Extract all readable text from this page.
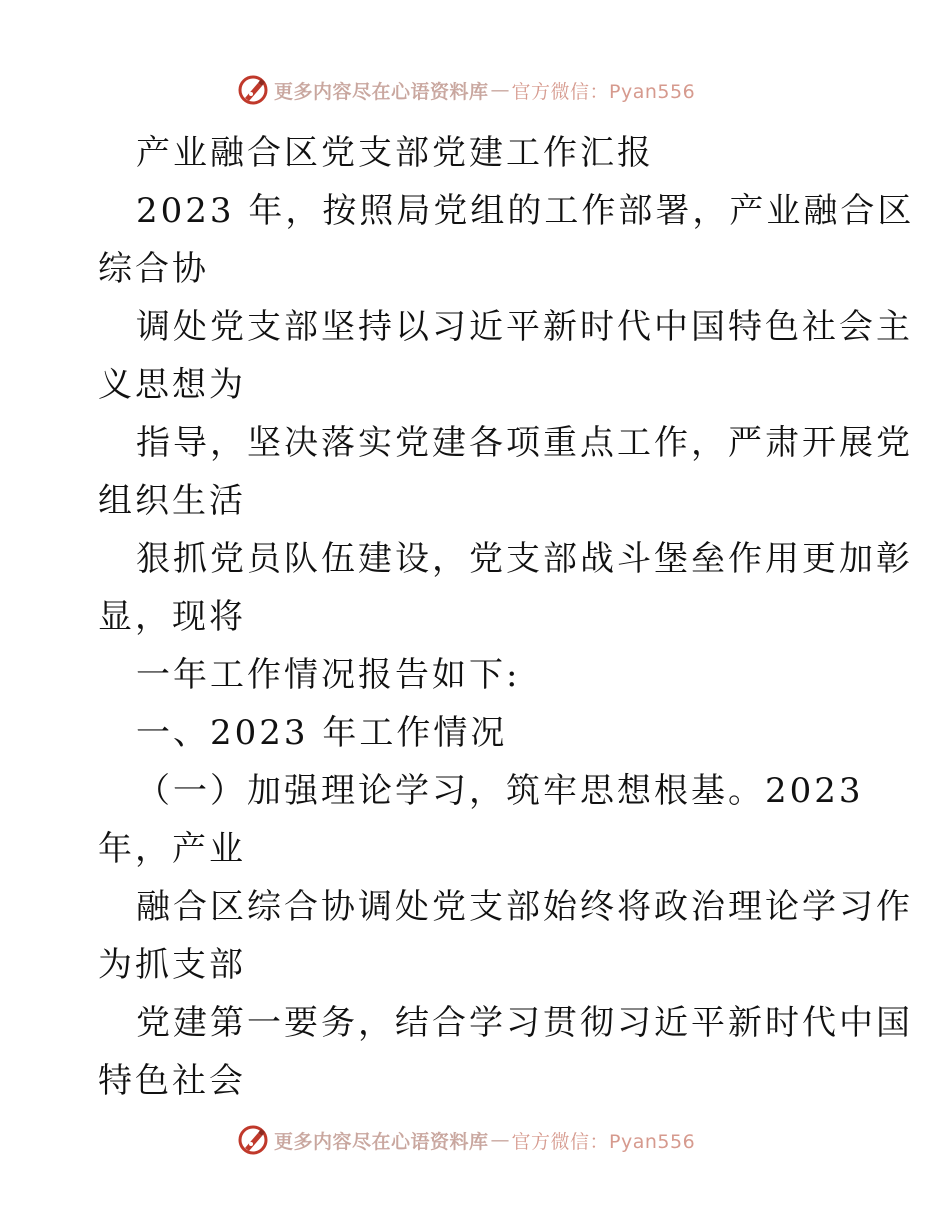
更多内容尽在心语资料库 — 官方微信：Pyan556
产业融合区党支部党建工作汇报
2023 年，按照局党组的工作部署，产业融合区
综合协
调处党支部坚持以习近平新时代中国特色社会主
义思想为
指导，坚决落实党建各项重点工作，严肃开展党
组织生活
狠抓党员队伍建设，党支部战斗堡垒作用更加彰
显，现将
一年工作情况报告如下:
一、2023 年工作情况
（一）加强理论学习，筑牢思想根基。2023
年，产业
融合区综合协调处党支部始终将政治理论学习作
为抓支部
党建第一要务，结合学习贯彻习近平新时代中国
特色社会
更多内容尽在心语资料库 — 官方微信：Pyan556
